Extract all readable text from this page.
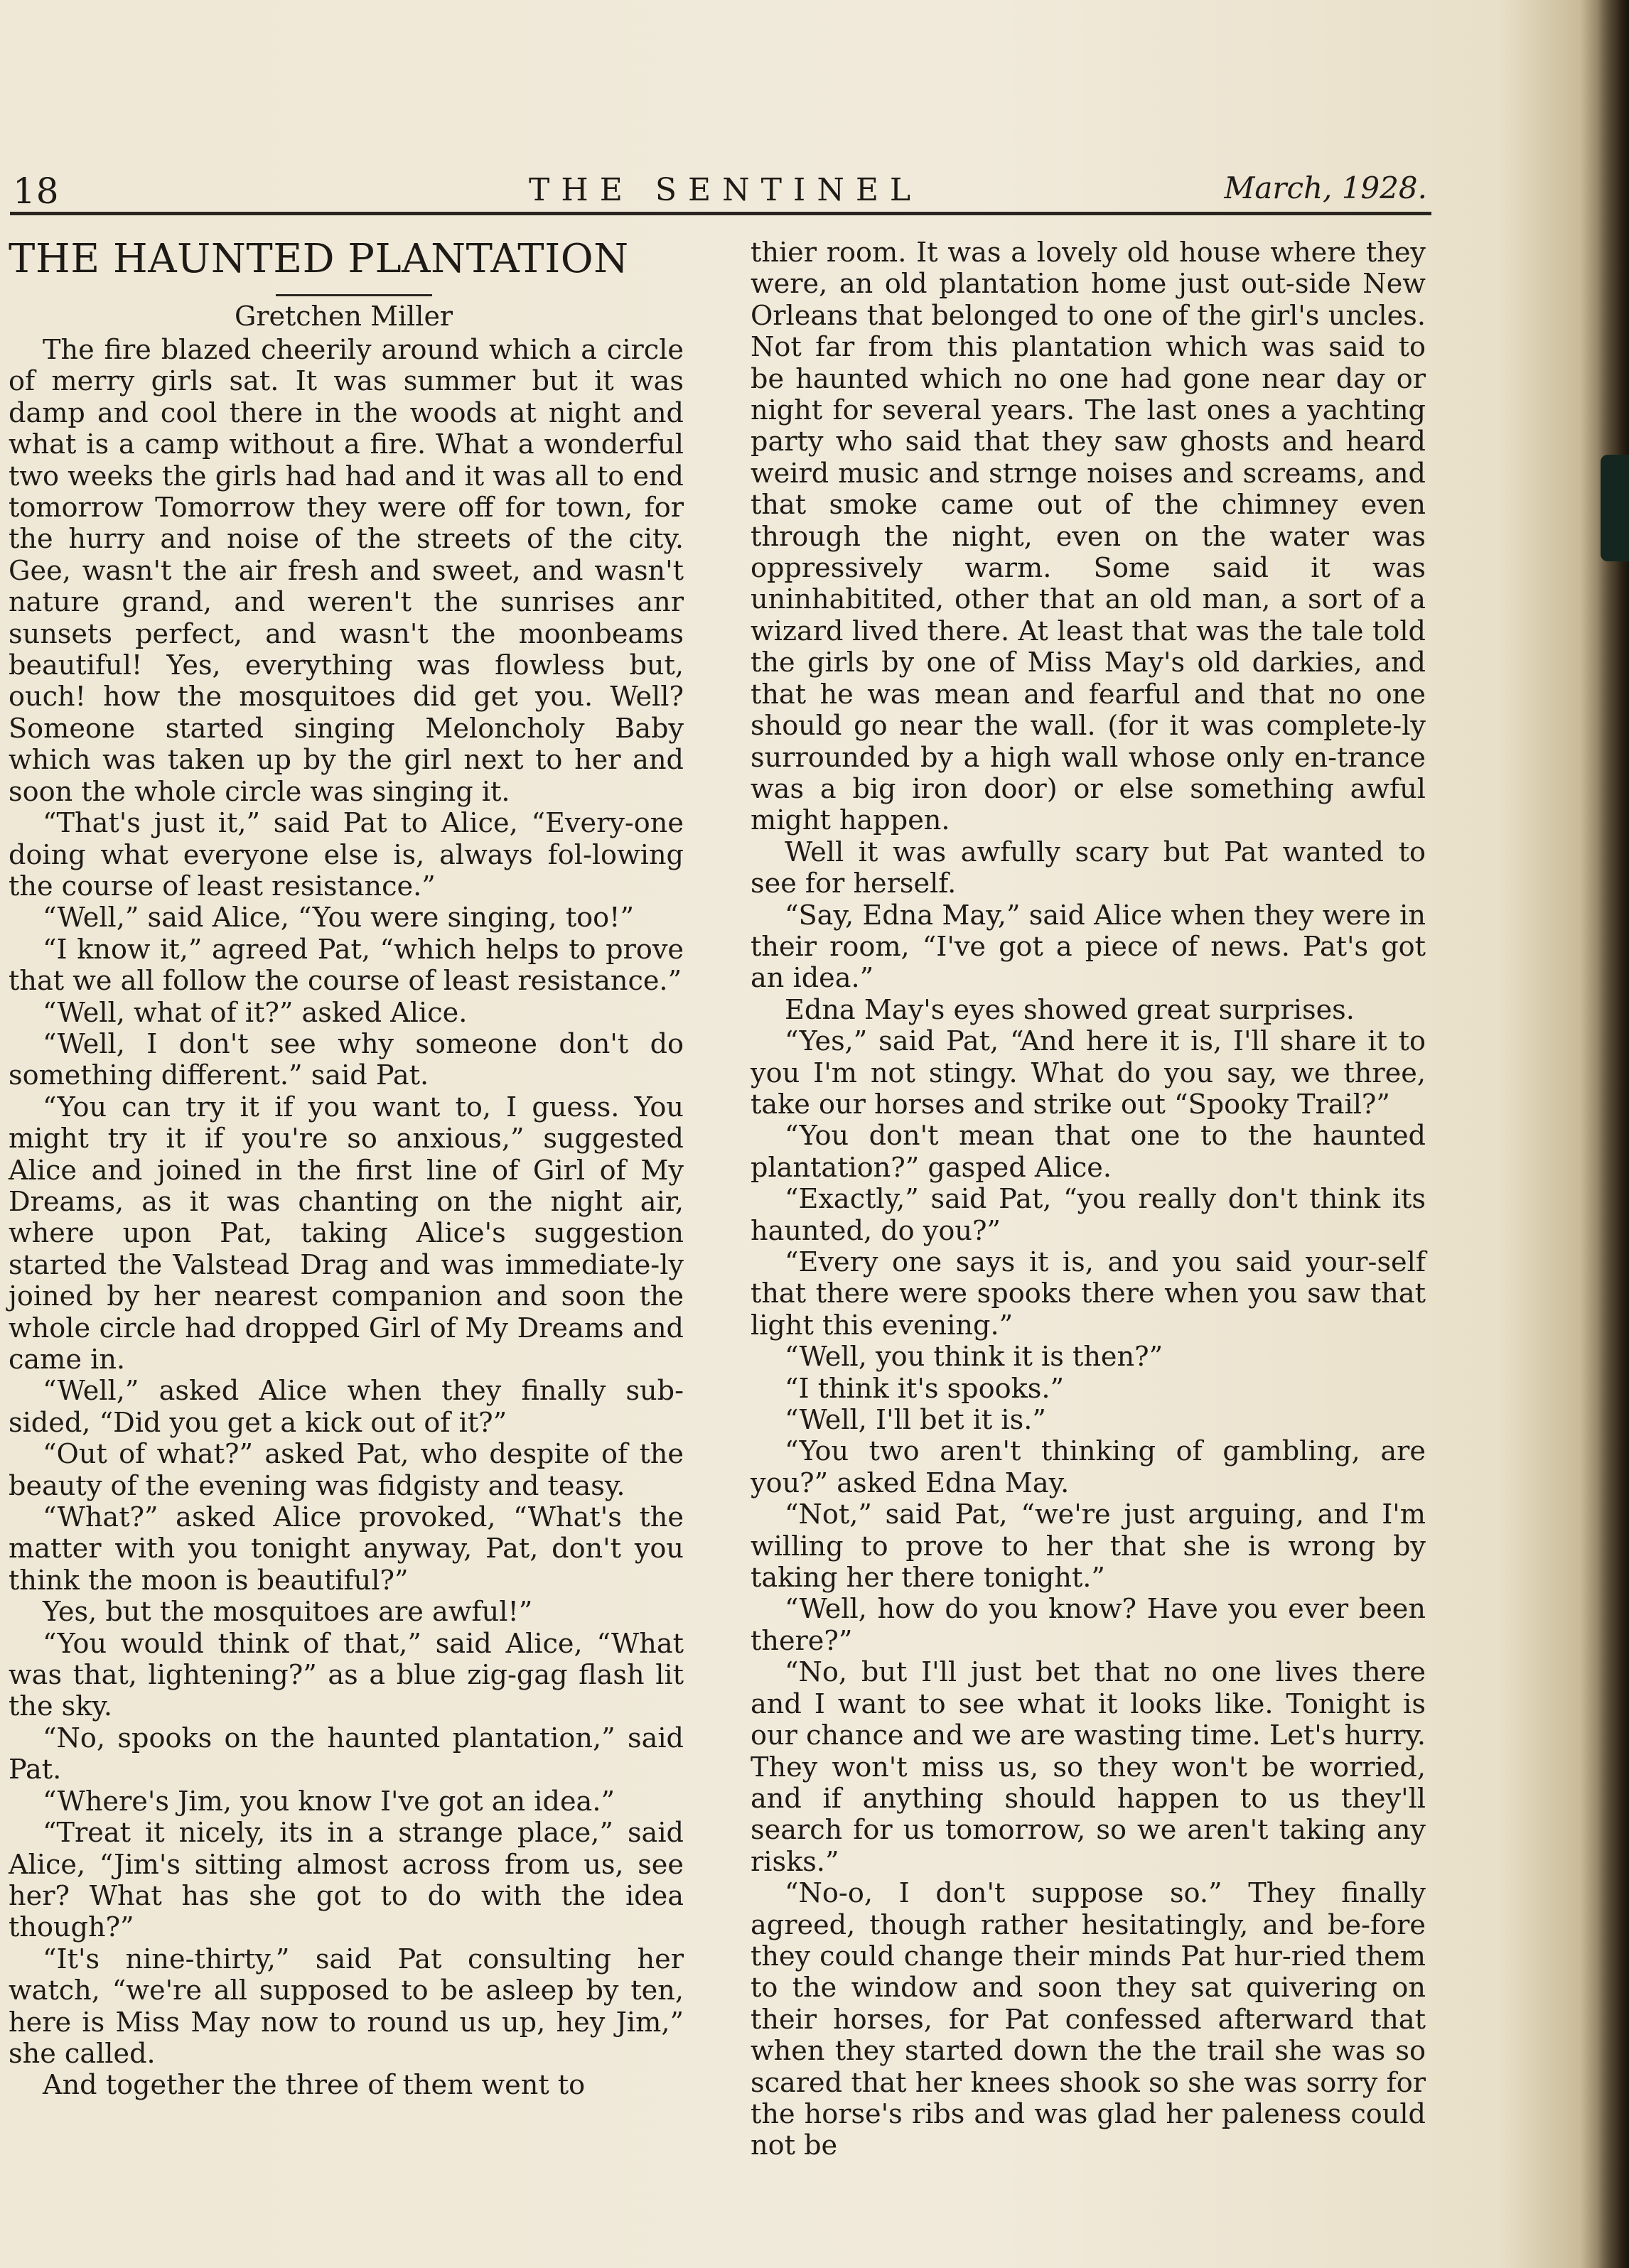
18	THE SENTINEL	March, 1928.
THE HAUNTED PLANTATION
Gretchen Miller

The fire blazed cheerily around which a circle of merry girls sat. It was summer but it was damp and cool there in the woods at night and what is a camp without a fire. What a wonderful two weeks the girls had had and it was all to end tomorrow Tomorrow they were off for town, for the hurry and noise of the streets of the city. Gee, wasn't the air fresh and sweet, and wasn't nature grand, and weren't the sunrises anr sunsets perfect, and wasn't the moonbeams beautiful! Yes, everything was flowless but, ouch! how the mosquitoes did get you. Well? Someone started singing Meloncholy Baby which was taken up by the girl next to her and soon the whole circle was singing it.

“That's just it,” said Pat to Alice, “Every-one doing what everyone else is, always fol-lowing the course of least resistance.”

“Well,” said Alice, “You were singing, too!”

“I know it,” agreed Pat, “which helps to prove that we all follow the course of least resistance.”

“Well, what of it?” asked Alice.

“Well, I don't see why someone don't do something different.” said Pat.

“You can try it if you want to, I guess. You might try it if you're so anxious,” suggested Alice and joined in the first line of Girl of My Dreams, as it was chanting on the night air, where upon Pat, taking Alice's suggestion started the Valstead Drag and was immediate-ly joined by her nearest companion and soon the whole circle had dropped Girl of My Dreams and came in.

“Well,” asked Alice when they finally sub-sided, “Did you get a kick out of it?”

“Out of what?” asked Pat, who despite of the beauty of the evening was fidgisty and teasy.

“What?” asked Alice provoked, “What's the matter with you tonight anyway, Pat, don't you think the moon is beautiful?”

Yes, but the mosquitoes are awful!”

“You would think of that,” said Alice, “What was that, lightening?” as a blue zig-gag flash lit the sky.

“No, spooks on the haunted plantation,” said Pat.

“Where's Jim, you know I've got an idea.”

“Treat it nicely, its in a strange place,” said Alice, “Jim's sitting almost across from us, see her? What has she got to do with the idea though?”

“It's nine-thirty,” said Pat consulting her watch, “we're all supposed to be asleep by ten, here is Miss May now to round us up, hey Jim,” she called.

And together the three of them went to

thier room. It was a lovely old house where they were, an old plantation home just out-side New Orleans that belonged to one of the girl's uncles. Not far from this plantation which was said to be haunted which no one had gone near day or night for several years. The last ones a yachting party who said that they saw ghosts and heard weird music and strnge noises and screams, and that smoke came out of the chimney even through the night, even on the water was oppressively warm. Some said it was uninhabitited, other that an old man, a sort of a wizard lived there. At least that was the tale told the girls by one of Miss May's old darkies, and that he was mean and fearful and that no one should go near the wall. (for it was complete-ly surrounded by a high wall whose only en-trance was a big iron door) or else something awful might happen.

Well it was awfully scary but Pat wanted to see for herself.

“Say, Edna May,” said Alice when they were in their room, “I've got a piece of news. Pat's got an idea.”

Edna May's eyes showed great surprises.

“Yes,” said Pat, “And here it is, I'll share it to you I'm not stingy. What do you say, we three, take our horses and strike out “Spooky Trail?”

“You don't mean that one to the haunted plantation?” gasped Alice.

“Exactly,” said Pat, “you really don't think its haunted, do you?”

“Every one says it is, and you said your-self that there were spooks there when you saw that light this evening.”

“Well, you think it is then?”

“I think it's spooks.”

“Well, I'll bet it is.”

“You two aren't thinking of gambling, are you?” asked Edna May.

“Not,” said Pat, “we're just arguing, and I'm willing to prove to her that she is wrong by taking her there tonight.”

“Well, how do you know? Have you ever been there?”

“No, but I'll just bet that no one lives there and I want to see what it looks like. Tonight is our chance and we are wasting time. Let's hurry. They won't miss us, so they won't be worried, and if anything should happen to us they'll search for us tomorrow, so we aren't taking any risks.”

“No-o, I don't suppose so.” They finally agreed, though rather hesitatingly, and be-fore they could change their minds Pat hur-ried them to the window and soon they sat quivering on their horses, for Pat confessed afterward that when they started down the the trail she was so scared that her knees shook so she was sorry for the horse's ribs and was glad her paleness could not be
